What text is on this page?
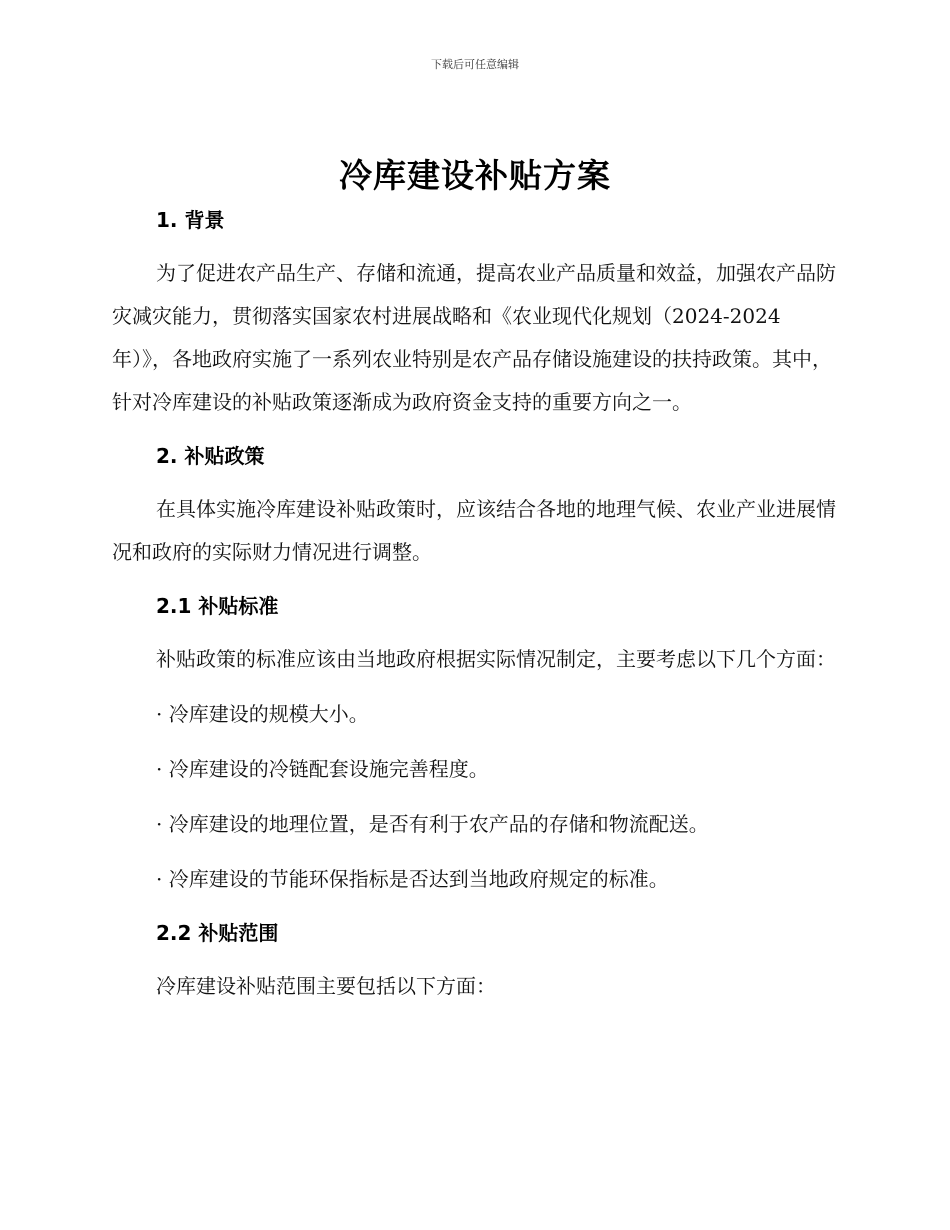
下载后可任意编辑
冷库建设补贴方案
1. 背景

为了促进农产品生产、存储和流通，提高农业产品质量和效益，加强农产品防灾减灾能力，贯彻落实国家农村进展战略和《农业现代化规划（2024-2024年）》，各地政府实施了一系列农业特别是农产品存储设施建设的扶持政策。其中，针对冷库建设的补贴政策逐渐成为政府资金支持的重要方向之一。

2. 补贴政策

在具体实施冷库建设补贴政策时，应该结合各地的地理气候、农业产业进展情况和政府的实际财力情况进行调整。

2.1 补贴标准

补贴政策的标准应该由当地政府根据实际情况制定，主要考虑以下几个方面：

· 冷库建设的规模大小。
· 冷库建设的冷链配套设施完善程度。
· 冷库建设的地理位置，是否有利于农产品的存储和物流配送。
· 冷库建设的节能环保指标是否达到当地政府规定的标准。
2.2 补贴范围

冷库建设补贴范围主要包括以下方面：
